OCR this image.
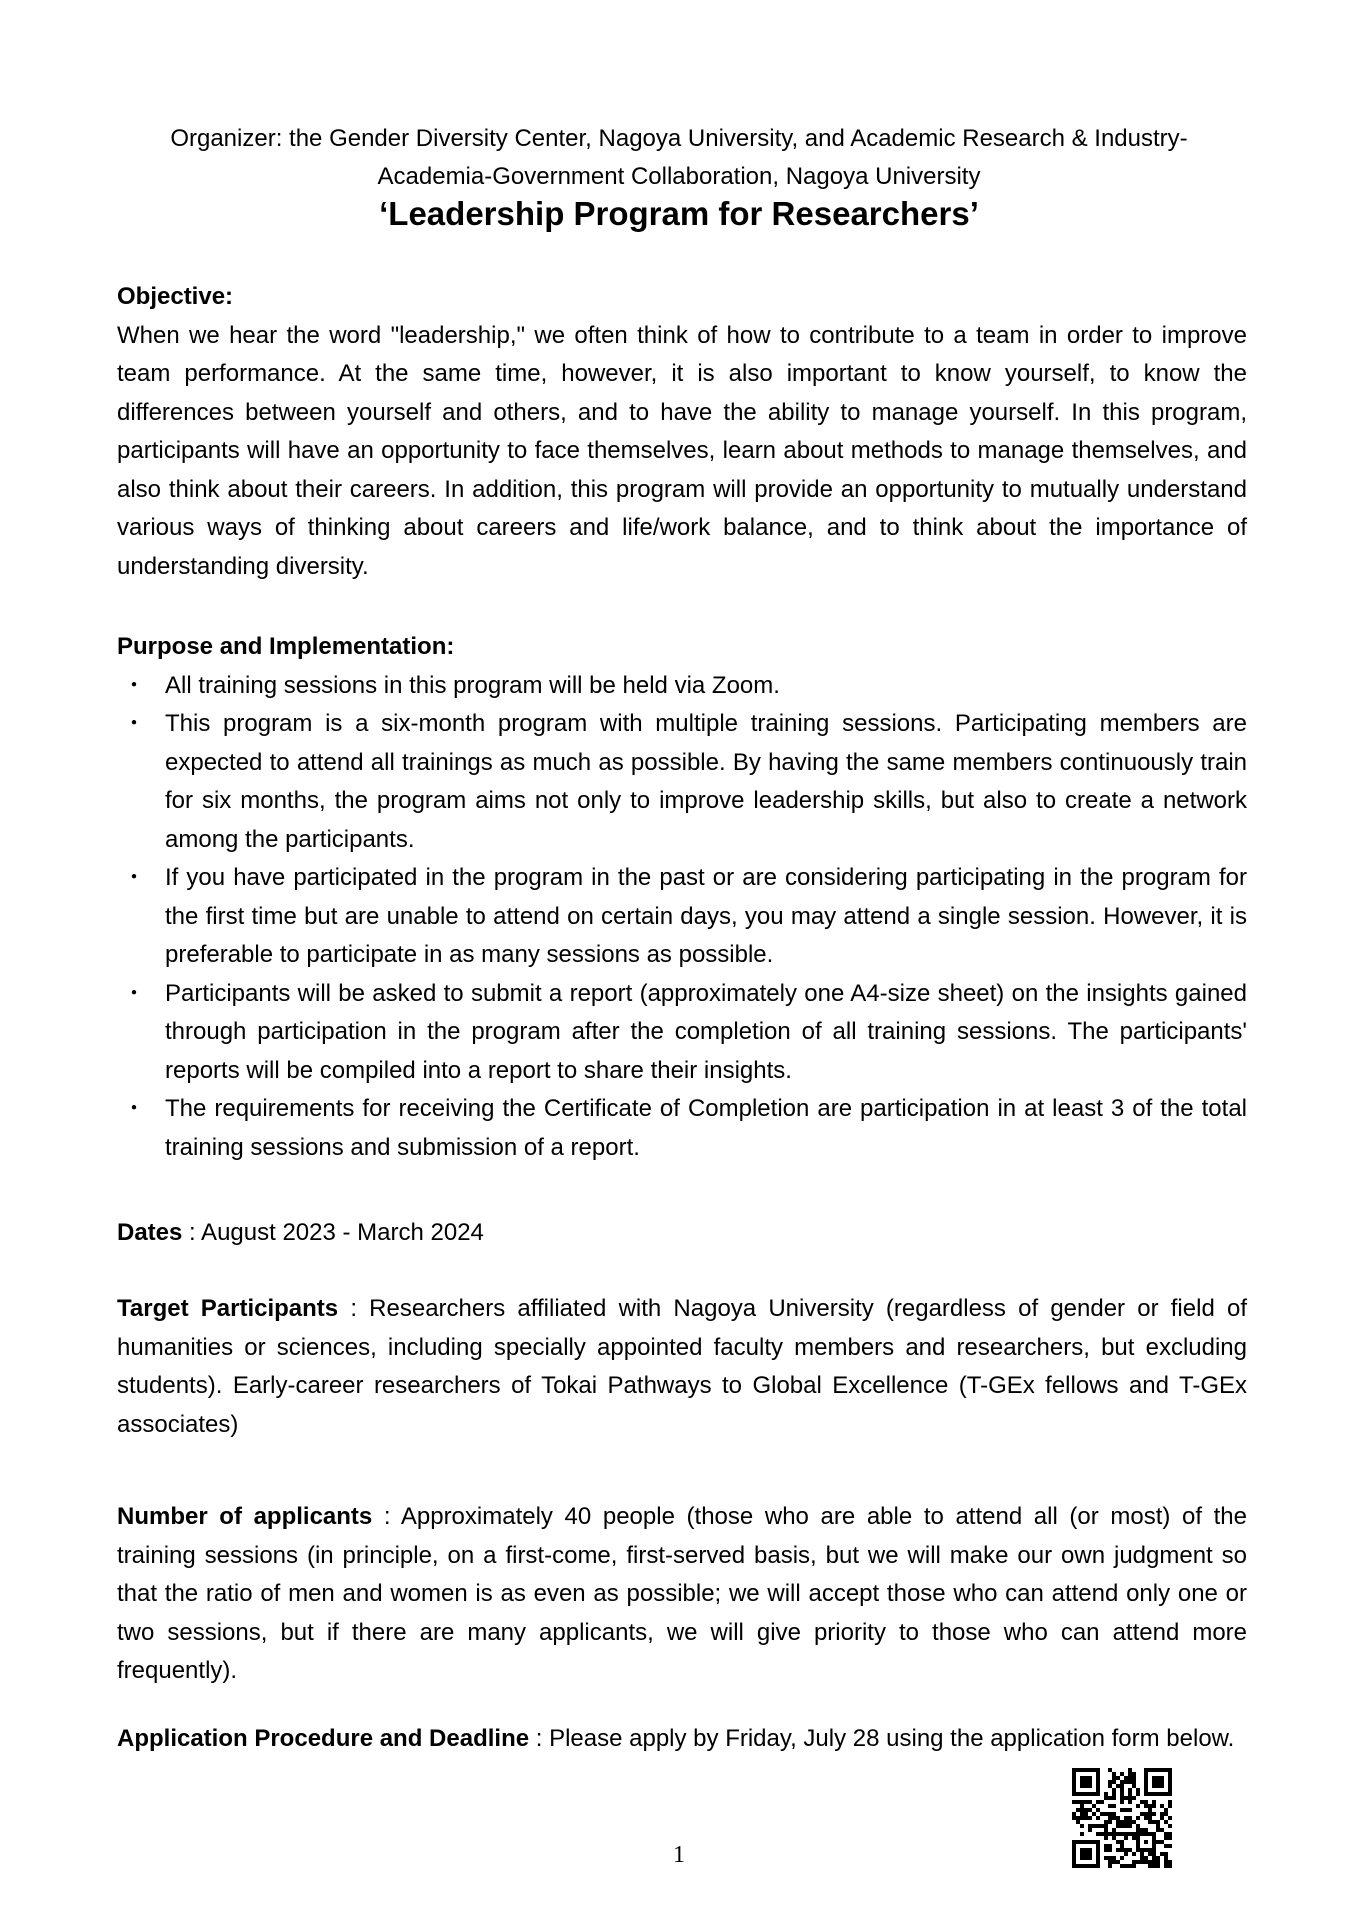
Organizer: the Gender Diversity Center, Nagoya University, and Academic Research & Industry-

Academia-Government Collaboration, Nagoya University

‘Leadership Program for Researchers’

Objective:

When we hear the word "leadership," we often think of how to contribute to a team in order to improve team performance. At the same time, however, it is also important to know yourself, to know the differences between yourself and others, and to have the ability to manage yourself. In this program, participants will have an opportunity to face themselves, learn about methods to manage themselves, and also think about their careers. In addition, this program will provide an opportunity to mutually understand various ways of thinking about careers and life/work balance, and to think about the importance of understanding diversity.

Purpose and Implementation:

・ All training sessions in this program will be held via Zoom.
・ This program is a six-month program with multiple training sessions. Participating members are expected to attend all trainings as much as possible. By having the same members continuously train for six months, the program aims not only to improve leadership skills, but also to create a network among the participants.
・ If you have participated in the program in the past or are considering participating in the program for the first time but are unable to attend on certain days, you may attend a single session. However, it is preferable to participate in as many sessions as possible.
・ Participants will be asked to submit a report (approximately one A4-size sheet) on the insights gained through participation in the program after the completion of all training sessions. The participants' reports will be compiled into a report to share their insights.
・ The requirements for receiving the Certificate of Completion are participation in at least 3 of the total training sessions and submission of a report.

Dates : August 2023 - March 2024

Target Participants : Researchers affiliated with Nagoya University (regardless of gender or field of humanities or sciences, including specially appointed faculty members and researchers, but excluding students). Early-career researchers of Tokai Pathways to Global Excellence (T-GEx fellows and T-GEx associates)

Number of applicants : Approximately 40 people (those who are able to attend all (or most) of the training sessions (in principle, on a first-come, first-served basis, but we will make our own judgment so that the ratio of men and women is as even as possible; we will accept those who can attend only one or two sessions, but if there are many applicants, we will give priority to those who can attend more frequently).

Application Procedure and Deadline : Please apply by Friday, July 28 using the application form below.

1
